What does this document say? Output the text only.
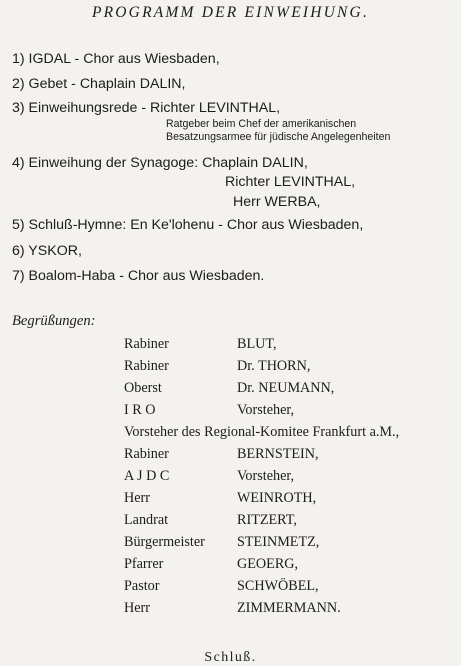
PROGRAMM DER EINWEIHUNG.
1) IGDAL - Chor aus Wiesbaden,
2) Gebet - Chaplain DALIN,
3) Einweihungsrede - Richter LEVINTHAL,
Ratgeber beim Chef der amerikanischen
Besatzungsarmee für jüdische Angelegenheiten
4) Einweihung der Synagoge: Chaplain DALIN,
Richter LEVINTHAL,
Herr WERBA,
5) Schluß-Hymne: En Ke'lohenu - Chor aus Wiesbaden,
6) YSKOR,
7) Boalom-Haba - Chor aus Wiesbaden.
Begrüßungen:
Rabiner	BLUT,
Rabiner	Dr. THORN,
Oberst	Dr. NEUMANN,
I R O	Vorsteher,
Vorsteher des Regional-Komitee Frankfurt a.M.,
Rabiner	BERNSTEIN,
A J D C	Vorsteher,
Herr	WEINROTH,
Landrat	RITZERT,
Bürgermeister STEINMETZ,
Pfarrer	GEOERG,
Pastor	SCHWÖBEL,
Herr	ZIMMERMANN.
Schluß.
